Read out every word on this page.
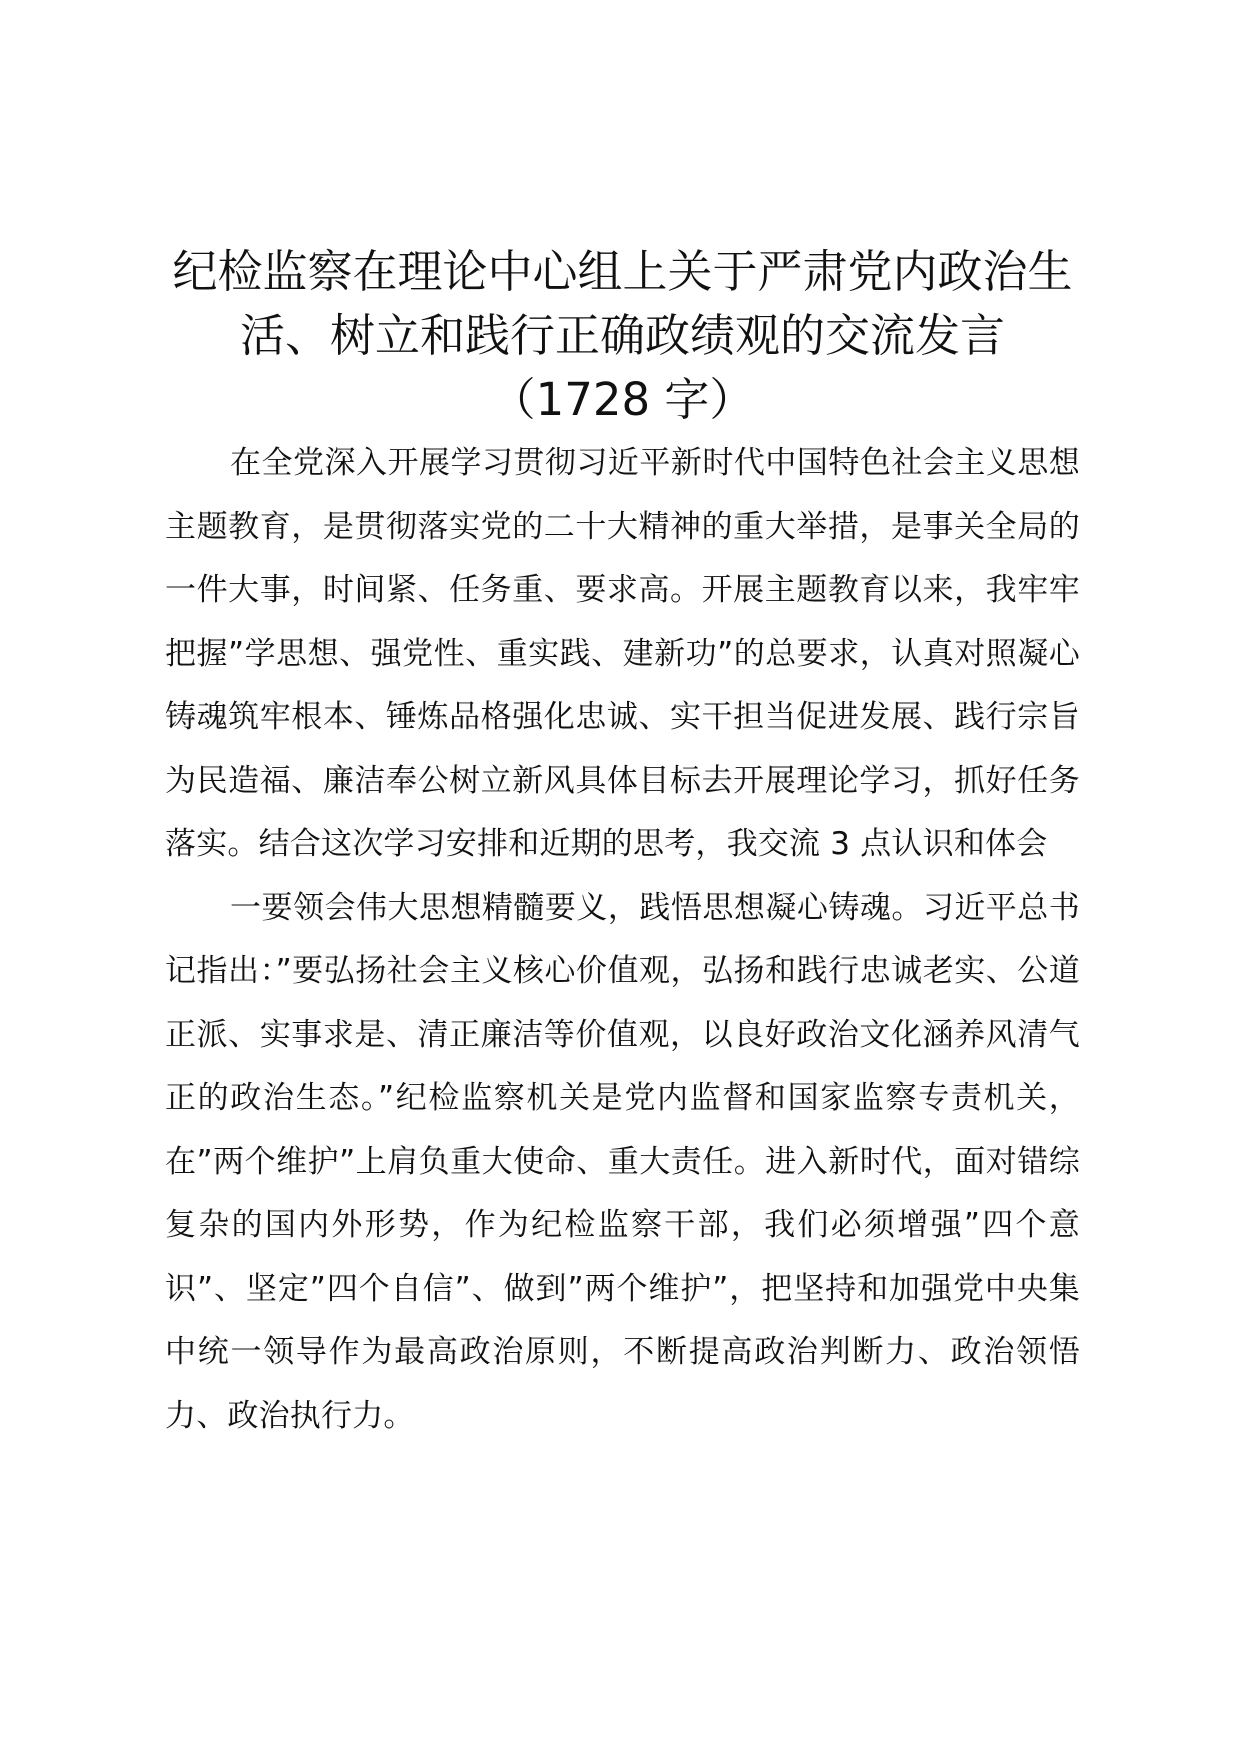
纪检监察在理论中心组上关于严肃党内政治生
活、树立和践行正确政绩观的交流发言
（1728 字）

在全党深入开展学习贯彻习近平新时代中国特色社会主义思想主题教育，是贯彻落实党的二十大精神的重大举措，是事关全局的一件大事，时间紧、任务重、要求高。开展主题教育以来，我牢牢把握”学思想、强党性、重实践、建新功”的总要求，认真对照凝心铸魂筑牢根本、锤炼品格强化忠诚、实干担当促进发展、践行宗旨为民造福、廉洁奉公树立新风具体目标去开展理论学习，抓好任务落实。结合这次学习安排和近期的思考，我交流 3 点认识和体会

一要领会伟大思想精髓要义，践悟思想凝心铸魂。习近平总书记指出：”要弘扬社会主义核心价值观，弘扬和践行忠诚老实、公道正派、实事求是、清正廉洁等价值观，以良好政治文化涵养风清气正的政治生态。”纪检监察机关是党内监督和国家监察专责机关，在”两个维护”上肩负重大使命、重大责任。进入新时代，面对错综复杂的国内外形势，作为纪检监察干部，我们必须增强”四个意识”、坚定”四个自信”、做到”两个维护”，把坚持和加强党中央集中统一领导作为最高政治原则，不断提高政治判断力、政治领悟力、政治执行力。
